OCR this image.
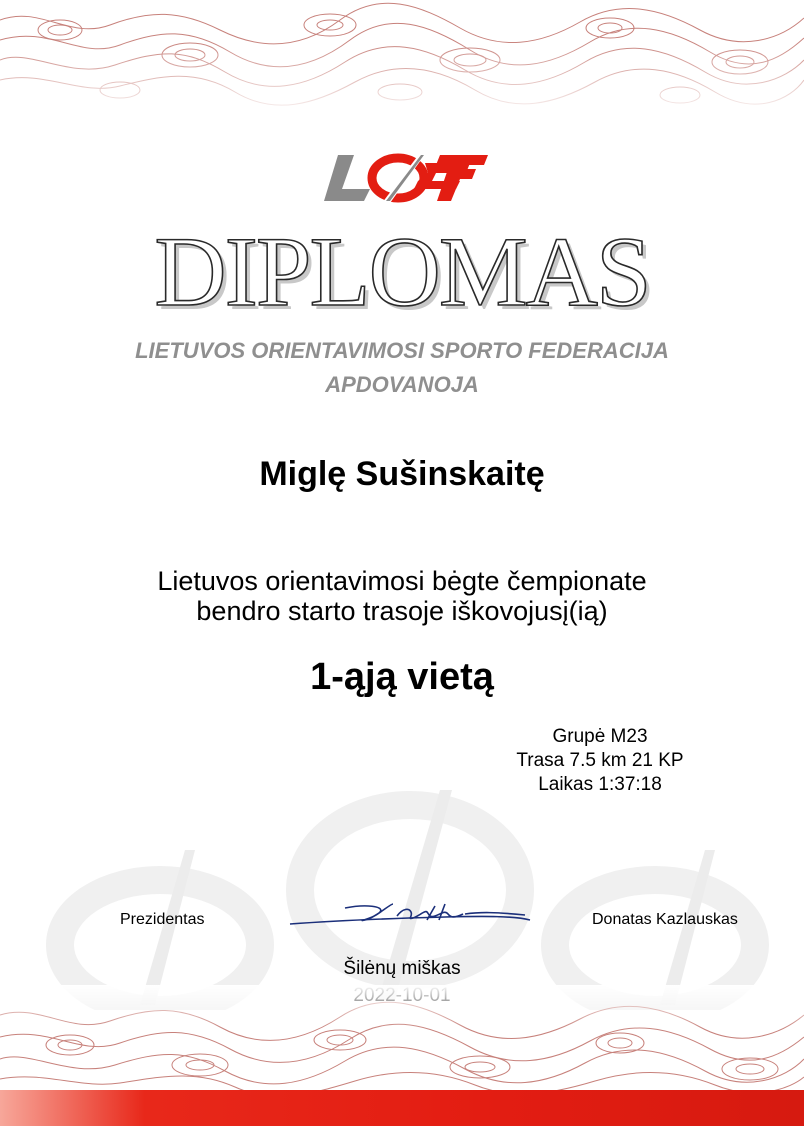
DIPLOMAS
LIETUVOS ORIENTAVIMOSI SPORTO FEDERACIJA
APDOVANOJA
Miglę Sušinskaitę
Lietuvos orientavimosi bėgte čempionate
bendro starto trasoje iškovojusį(ią)
1-ąją vietą
Grupė M23
Trasa 7.5 km 21 KP
Laikas 1:37:18
Prezidentas	Donatas Kazlauskas
Šilėnų miškas
